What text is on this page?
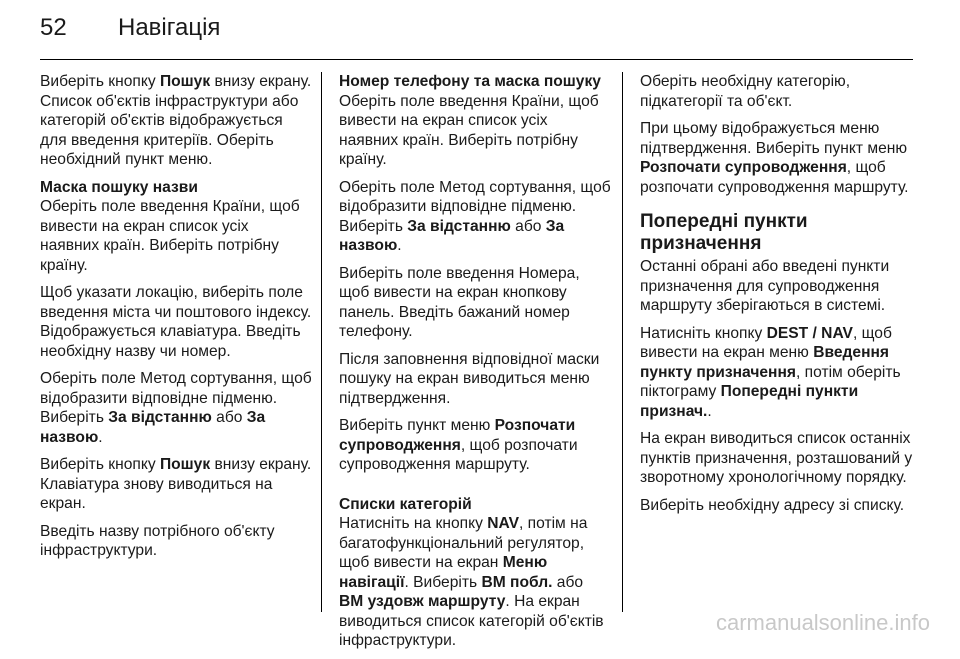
52 Навігація

Виберіть кнопку Пошук внизу екрану. Список об'єктів інфраструктури або категорій об'єктів відображується для введення критеріїв. Оберіть необхідний пункт меню.

Маска пошуку назви

Оберіть поле введення Країни, щоб вивести на екран список усіх наявних країн. Виберіть потрібну країну.

Щоб указати локацію, виберіть поле введення міста чи поштового індексу. Відображується клавіатура. Введіть необхідну назву чи номер.

Оберіть поле Метод сортування, щоб відобразити відповідне підменю. Виберіть За відстанню або За назвою.

Виберіть кнопку Пошук внизу екрану. Клавіатура знову виводиться на екран.

Введіть назву потрібного об'єкту інфраструктури.

Номер телефону та маска пошуку

Оберіть поле введення Країни, щоб вивести на екран список усіх наявних країн. Виберіть потрібну країну.

Оберіть поле Метод сортування, щоб відобразити відповідне підменю. Виберіть За відстанню або За назвою.

Виберіть поле введення Номера, щоб вивести на екран кнопкову панель. Введіть бажаний номер телефону.

Після заповнення відповідної маски пошуку на екран виводиться меню підтвердження.

Виберіть пункт меню Розпочати супроводження, щоб розпочати супроводження маршруту.

Списки категорій

Натисніть на кнопку NAV, потім на багатофункціональний регулятор, щоб вивести на екран Меню навігації. Виберіть ВМ побл. або ВМ уздовж маршруту. На екран виводиться список категорій об'єктів інфраструктури.

Оберіть необхідну категорію, підкатегорії та об'єкт.

При цьому відображується меню підтвердження. Виберіть пункт меню Розпочати супроводження, щоб розпочати супроводження маршруту.

Попередні пункти призначення

Останні обрані або введені пункти призначення для супроводження маршруту зберігаються в системі.

Натисніть кнопку DEST / NAV, щоб вивести на екран меню Введення пункту призначення, потім оберіть піктограму Попередні пункти признач..

На екран виводиться список останніх пунктів призначення, розташований у зворотному хронологічному порядку.

Виберіть необхідну адресу зі списку.

carmanualsonline.info
